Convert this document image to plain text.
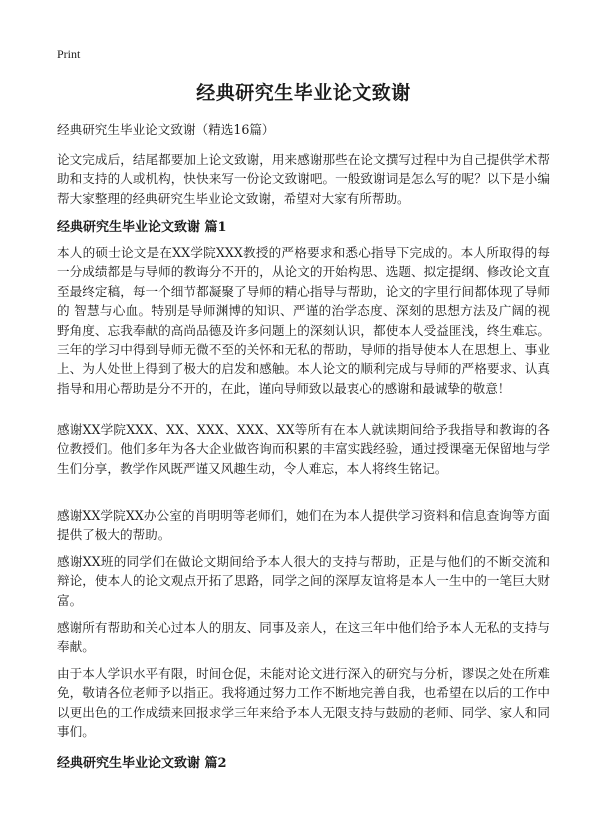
Print
经典研究生毕业论文致谢

经典研究生毕业论文致谢（精选16篇）

论文完成后，结尾都要加上论文致谢，用来感谢那些在论文撰写过程中为自己提供学术帮助和支持的人或机构，快快来写一份论文致谢吧。一般致谢词是怎么写的呢？以下是小编帮大家整理的经典研究生毕业论文致谢，希望对大家有所帮助。

经典研究生毕业论文致谢 篇1

本人的硕士论文是在XX学院XXX教授的严格要求和悉心指导下完成的。本人所取得的每一分成绩都是与导师的教诲分不开的，从论文的开始构思、选题、拟定提纲、修改论文直至最终定稿，每一个细节都凝聚了导师的精心指导与帮助，论文的字里行间都体现了导师的 智慧与心血。特别是导师渊博的知识、严谨的治学态度、深刻的思想方法及广阔的视野角度、忘我奉献的高尚品德及许多问题上的深刻认识，都使本人受益匪浅，终生难忘。三年的学习中得到导师无微不至的关怀和无私的帮助，导师的指导使本人在思想上、事业上、为人处世上得到了极大的启发和感触。本人论文的顺利完成与导师的严格要求、认真指导和用心帮助是分不开的，在此，谨向导师致以最衷心的感谢和最诚挚的敬意！

感谢XX学院XXX、XX、XXX、XXX、XX等所有在本人就读期间给予我指导和教诲的各位教授们。他们多年为各大企业做咨询而积累的丰富实践经验，通过授课毫无保留地与学生们分享，教学作风既严谨又风趣生动，令人难忘，本人将终生铭记。

感谢XX学院XX办公室的肖明明等老师们，她们在为本人提供学习资料和信息查询等方面提供了极大的帮助。

感谢XX班的同学们在做论文期间给予本人很大的支持与帮助，正是与他们的不断交流和辩论，使本人的论文观点开拓了思路，同学之间的深厚友谊将是本人一生中的一笔巨大财富。

感谢所有帮助和关心过本人的朋友、同事及亲人，在这三年中他们给予本人无私的支持与奉献。

由于本人学识水平有限，时间仓促，未能对论文进行深入的研究与分析，谬误之处在所难免，敬请各位老师予以指正。我将通过努力工作不断地完善自我，也希望在以后的工作中以更出色的工作成绩来回报求学三年来给予本人无限支持与鼓励的老师、同学、家人和同事们。

经典研究生毕业论文致谢 篇2
